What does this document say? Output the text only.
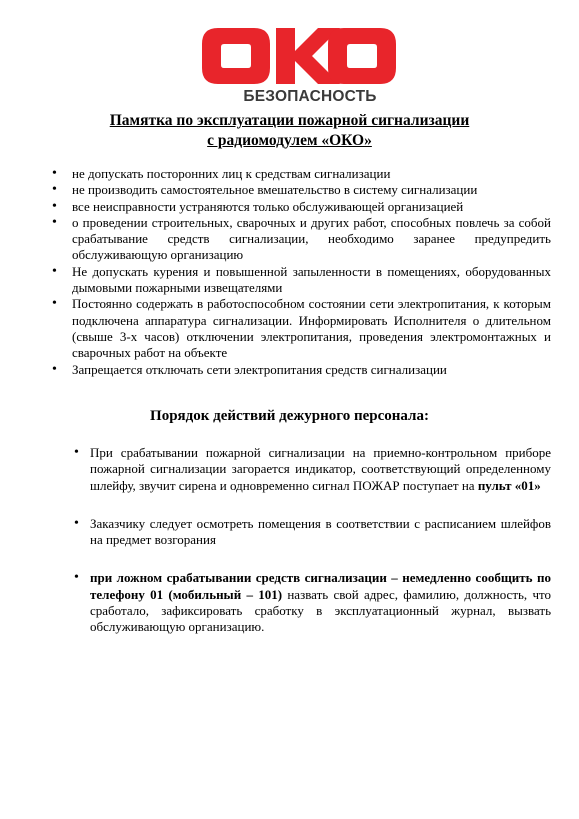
БЕЗОПАСНОСТЬ
Памятка по эксплуатации пожарной сигнализации
с радиомодулем «ОКО»
• не допускать посторонних лиц к средствам сигнализации
• не производить самостоятельное вмешательство в систему сигнализации
• все неисправности устраняются только обслуживающей организацией
• о проведении строительных, сварочных и других работ, способных повлечь за собой срабатывание средств сигнализации, необходимо заранее предупредить обслуживающую организацию
• Не допускать курения и повышенной запыленности в помещениях, оборудованных дымовыми пожарными извещателями
• Постоянно содержать в работоспособном состоянии сети электропитания, к которым подключена аппаратура сигнализации. Информировать Исполнителя о длительном (свыше 3-х часов) отключении электропитания, проведения электромонтажных и сварочных работ на объекте
• Запрещается отключать сети электропитания средств сигнализации
Порядок действий дежурного персонала:
• При срабатывании пожарной сигнализации на приемно-контрольном приборе пожарной сигнализации загорается индикатор, соответствующий определенному шлейфу, звучит сирена и одновременно сигнал ПОЖАР поступает на пульт «01»
• Заказчику следует осмотреть помещения в соответствии с расписанием шлейфов на предмет возгорания
• при ложном срабатывании средств сигнализации – немедленно сообщить по телефону 01 (мобильный – 101) назвать свой адрес, фамилию, должность, что сработало, зафиксировать сработку в эксплуатационный журнал, вызвать обслуживающую организацию.
